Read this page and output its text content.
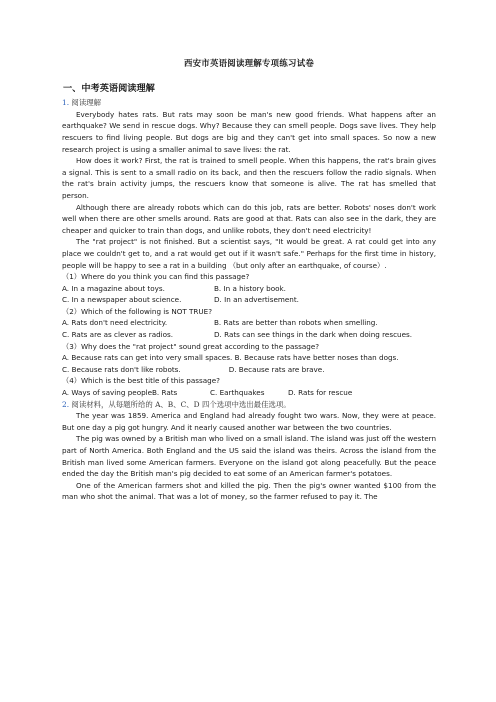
西安市英语阅读理解专项练习试卷
一、中考英语阅读理解
1. 阅读理解

Everybody hates rats. But rats may soon be man's new good friends. What happens after an earthquake? We send in rescue dogs. Why? Because they can smell people. Dogs save lives. They help rescuers to find living people. But dogs are big and they can't get into small spaces. So now a new research project is using a smaller animal to save lives: the rat.

How does it work? First, the rat is trained to smell people. When this happens, the rat's brain gives a signal. This is sent to a small radio on its back, and then the rescuers follow the radio signals. When the rat's brain activity jumps, the rescuers know that someone is alive. The rat has smelled that person.

Although there are already robots which can do this job, rats are better. Robots' noses don't work well when there are other smells around. Rats are good at that. Rats can also see in the dark, they are cheaper and quicker to train than dogs, and unlike robots, they don't need electricity!

The "rat project" is not finished. But a scientist says, "It would be great. A rat could get into any place we couldn't get to, and a rat would get out if it wasn't safe." Perhaps for the first time in history, people will be happy to see a rat in a building （but only after an earthquake, of course）.

（1）Where do you think you can find this passage?

A. In a magazine about toys.	B. In a history book.
C. In a newspaper about science.	D. In an advertisement.

（2）Which of the following is NOT TRUE?

A. Rats don't need electricity.	B. Rats are better than robots when smelling.
C. Rats are as clever as radios.	D. Rats can see things in the dark when doing rescues.

（3）Why does the "rat project" sound great according to the passage?

A. Because rats can get into very small spaces. B. Because rats have better noses than dogs.

C. Because rats don't like robots.                     D. Because rats are brave.

（4）Which is the best title of this passage?

A. Ways of saving people B. Rats	C. Earthquakes	D. Rats for rescue
2. 阅读材料，从每题所给的 A、B、C、D 四个选项中选出最佳选项。

The year was 1859. America and England had already fought two wars. Now, they were at peace. But one day a pig got hungry. And it nearly caused another war between the two countries.

The pig was owned by a British man who lived on a small island. The island was just off the western part of North America. Both England and the US said the island was theirs. Across the island from the British man lived some American farmers. Everyone on the island got along peacefully. But the peace ended the day the British man's pig decided to eat some of an American farmer's potatoes.

One of the American farmers shot and killed the pig. Then the pig's owner wanted $100 from the man who shot the animal. That was a lot of money, so the farmer refused to pay it. The
